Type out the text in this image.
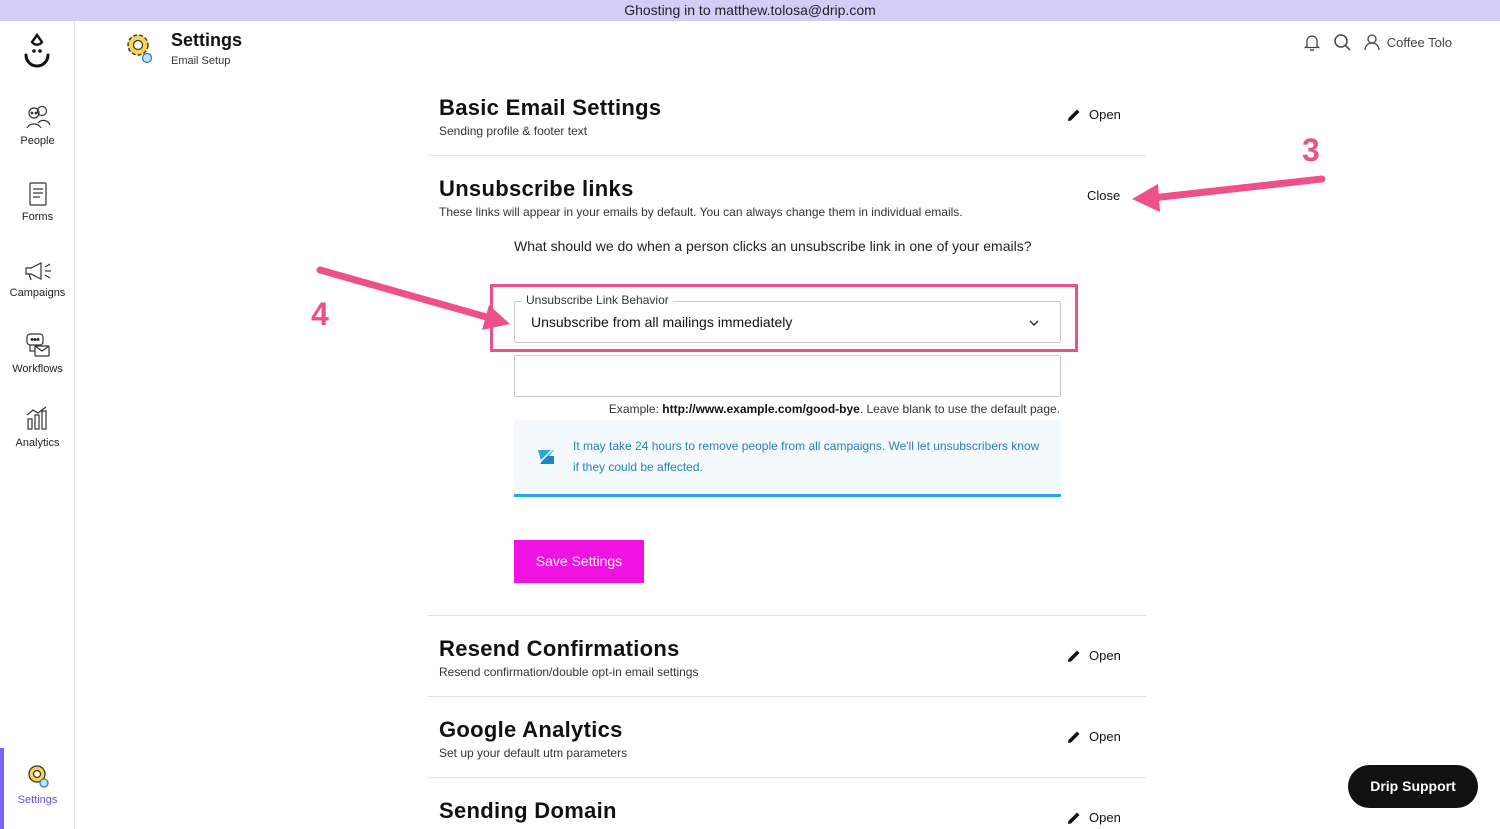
Ghosting in to matthew.tolosa@drip.com
People
Forms
Campaigns
Workflows
Analytics
Settings
Settings
Email Setup
Coffee Tolo
Basic Email Settings
Sending profile & footer text
Open
Unsubscribe links
These links will appear in your emails by default. You can always change them in individual emails.
Close
What should we do when a person clicks an unsubscribe link in one of your emails?
Unsubscribe Link Behavior
Unsubscribe from all mailings immediately
Example: http://www.example.com/good-bye. Leave blank to use the default page.
It may take 24 hours to remove people from all campaigns. We'll let unsubscribers know if they could be affected.
Save Settings
Resend Confirmations
Resend confirmation/double opt-in email settings
Open
Google Analytics
Set up your default utm parameters
Open
Sending Domain	Open
3
4
Drip Support
